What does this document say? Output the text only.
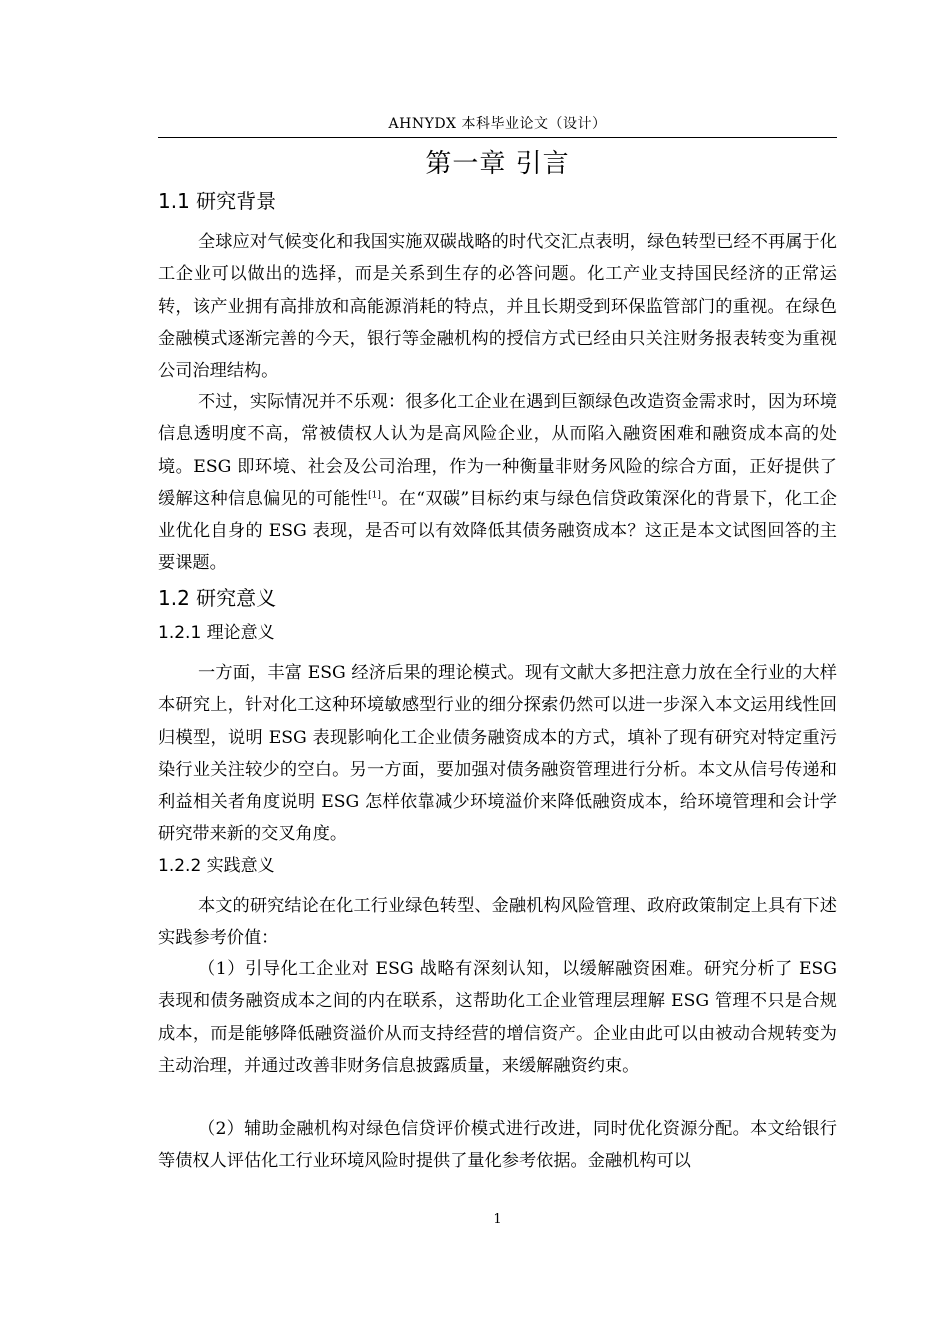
AHNYDX 本科毕业论文（设计）
第一章 引言
1.1 研究背景

全球应对气候变化和我国实施双碳战略的时代交汇点表明，绿色转型已经不再属于化工企业可以做出的选择，而是关系到生存的必答问题。化工产业支持国民经济的正常运转，该产业拥有高排放和高能源消耗的特点，并且长期受到环保监管部门的重视。在绿色金融模式逐渐完善的今天，银行等金融机构的授信方式已经由只关注财务报表转变为重视公司治理结构。

不过，实际情况并不乐观：很多化工企业在遇到巨额绿色改造资金需求时，因为环境信息透明度不高，常被债权人认为是高风险企业，从而陷入融资困难和融资成本高的处境。ESG 即环境、社会及公司治理，作为一种衡量非财务风险的综合方面，正好提供了缓解这种信息偏见的可能性[1]。在“双碳”目标约束与绿色信贷政策深化的背景下，化工企业优化自身的 ESG 表现，是否可以有效降低其债务融资成本？这正是本文试图回答的主要课题。

1.2 研究意义
1.2.1 理论意义

一方面，丰富 ESG 经济后果的理论模式。现有文献大多把注意力放在全行业的大样本研究上，针对化工这种环境敏感型行业的细分探索仍然可以进一步深入本文运用线性回归模型，说明 ESG 表现影响化工企业债务融资成本的方式，填补了现有研究对特定重污染行业关注较少的空白。另一方面，要加强对债务融资管理进行分析。本文从信号传递和利益相关者角度说明 ESG 怎样依靠减少环境溢价来降低融资成本，给环境管理和会计学研究带来新的交叉角度。

1.2.2 实践意义

本文的研究结论在化工行业绿色转型、金融机构风险管理、政府政策制定上具有下述实践参考价值：

（1）引导化工企业对 ESG 战略有深刻认知，以缓解融资困难。研究分析了 ESG 表现和债务融资成本之间的内在联系，这帮助化工企业管理层理解 ESG 管理不只是合规成本，而是能够降低融资溢价从而支持经营的增信资产。企业由此可以由被动合规转变为主动治理，并通过改善非财务信息披露质量，来缓解融资约束。

（2）辅助金融机构对绿色信贷评价模式进行改进，同时优化资源分配。本文给银行等债权人评估化工行业环境风险时提供了量化参考依据。金融机构可以

1
